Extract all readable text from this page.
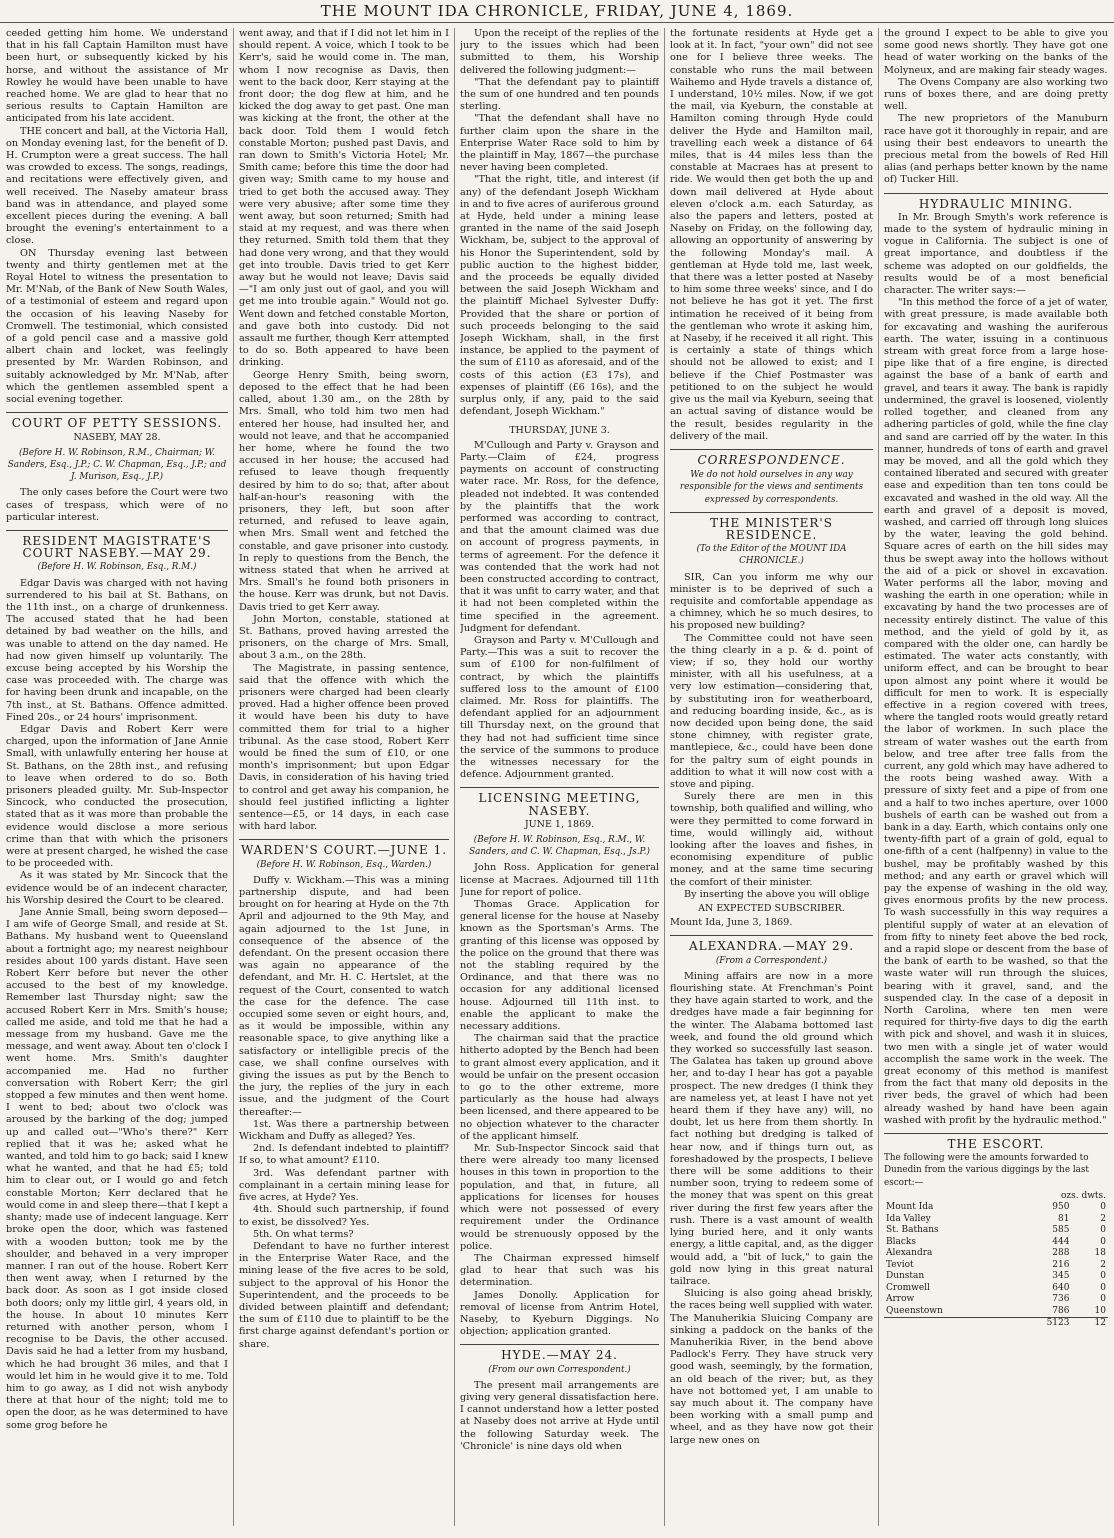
THE MOUNT IDA CHRONICLE, FRIDAY, JUNE 4, 1869.

ceeded getting him home. We understand that in his fall Captain Hamilton must have been hurt, or subsequently kicked by his horse, and without the assistance of Mr Rowley he would have been unable to have reached home. We are glad to hear that no serious results to Captain Hamilton are anticipated from his late accident.

THE concert and ball, at the Victoria Hall, on Monday evening last, for the benefit of D. H. Crumpton were a great success. The hall was crowded to excess. The songs, readings, and recitations were effectively given, and well received. The Naseby amateur brass band was in attendance, and played some excellent pieces during the evening. A ball brought the evening's entertainment to a close.

ON Thursday evening last between twenty and thirty gentlemen met at the Royal Hotel to witness the presentation to Mr. M'Nab, of the Bank of New South Wales, of a testimonial of esteem and regard upon the occasion of his leaving Naseby for Cromwell. The testimonial, which consisted of a gold pencil case and a massive gold albert chain and locket, was feelingly presented by Mr. Warden Robinson, and suitably acknowledged by Mr. M'Nab, after which the gentlemen assembled spent a social evening together.

COURT OF PETTY SESSIONS.
NASEBY, MAY 28.
(Before H. W. Robinson, R.M., Chairman; W. Sanders, Esq., J.P.; C. W. Chapman, Esq., J.P.; and J. Murison, Esq., J.P.)

The only cases before the Court were two cases of trespass, which were of no particular interest.

RESIDENT MAGISTRATE'S COURT NASEBY.—MAY 29.
(Before H. W. Robinson, Esq., R.M.)

Edgar Davis was charged with not having surrendered to his bail at St. Bathans, on the 11th inst., on a charge of drunkenness. The accused stated that he had been detained by bad weather on the hills, and was unable to attend on the day named. He had now given himself up voluntarily. The excuse being accepted by his Worship the case was proceeded with. The charge was for having been drunk and incapable, on the 7th inst., at St. Bathans. Offence admitted. Fined 20s., or 24 hours' imprisonment.

Edgar Davis and Robert Kerr were charged, upon the information of Jane Annie Small, with unlawfully entering her house at St. Bathans, on the 28th inst., and refusing to leave when ordered to do so. Both prisoners pleaded guilty. Mr. Sub-Inspector Sincock, who conducted the prosecution, stated that as it was more than probable the evidence would disclose a more serious crime than that with which the prisoners were at present charged, he wished the case to be proceeded with.

As it was stated by Mr. Sincock that the evidence would be of an indecent character, his Worship desired the Court to be cleared.

Jane Annie Small, being sworn deposed—I am wife of George Small, and reside at St. Bathans. My husband went to Queensland about a fortnight ago; my nearest neighbour resides about 100 yards distant. Have seen Robert Kerr before but never the other accused to the best of my knowledge. Remember last Thursday night; saw the accused Robert Kerr in Mrs. Smith's house; called me aside, and told me that he had a message from my husband. Gave me the message, and went away. About ten o'clock I went home. Mrs. Smith's daughter accompanied me. Had no further conversation with Robert Kerr; the girl stopped a few minutes and then went home. I went to bed; about two o'clock was aroused by the barking of the dog; jumped up and called out—"Who's there?" Kerr replied that it was he; asked what he wanted, and told him to go back; said I knew what he wanted, and that he had £5; told him to clear out, or I would go and fetch constable Morton; Kerr declared that he would come in and sleep there—that I kept a shanty; made use of indecent language. Kerr broke open the door, which was fastened with a wooden button; took me by the shoulder, and behaved in a very improper manner. I ran out of the house. Robert Kerr then went away, when I returned by the back door. As soon as I got inside closed both doors; only my little girl, 4 years old, in the house. In about 10 minutes Kerr returned with another person, whom I recognise to be Davis, the other accused. Davis said he had a letter from my husband, which he had brought 36 miles, and that I would let him in he would give it to me. Told him to go away, as I did not wish anybody there at that hour of the night; told me to open the door, as he was determined to have some grog before he

went away, and that if I did not let him in I should repent. A voice, which I took to be Kerr's, said he would come in. The man, whom I now recognise as Davis, then went to the back door, Kerr staying at the front door; the dog flew at him, and he kicked the dog away to get past. One man was kicking at the front, the other at the back door. Told them I would fetch constable Morton; pushed past Davis, and ran down to Smith's Victoria Hotel; Mr. Smith came; before this time the door had given way; Smith came to my house and tried to get both the accused away. They were very abusive; after some time they went away, but soon returned; Smith had staid at my request, and was there when they returned. Smith told them that they had done very wrong, and that they would get into trouble. Davis tried to get Kerr away but he would not leave; Davis said—"I am only just out of gaol, and you will get me into trouble again." Would not go. Went down and fetched constable Morton, and gave both into custody. Did not assault me further, though Kerr attempted to do so. Both appeared to have been drinking.

George Henry Smith, being sworn, deposed to the effect that he had been called, about 1.30 am., on the 28th by Mrs. Small, who told him two men had entered her house, had insulted her, and would not leave, and that he accompanied her home, where he found the two accused in her house; the accused had refused to leave though frequently desired by him to do so; that, after about half-an-hour's reasoning with the prisoners, they left, but soon after returned, and refused to leave again, when Mrs. Small went and fetched the constable, and gave prisoner into custody. In reply to questions from the Bench, the witness stated that when he arrived at Mrs. Small's he found both prisoners in the house. Kerr was drunk, but not Davis. Davis tried to get Kerr away.

John Morton, constable, stationed at St. Bathans, proved having arrested the prisoners, on the charge of Mrs. Small, about 3 a.m., on the 28th.

The Magistrate, in passing sentence, said that the offence with which the prisoners were charged had been clearly proved. Had a higher offence been proved it would have been his duty to have committed them for trial to a higher tribunal. As the case stood, Robert Kerr would be fined the sum of £10, or one month's imprisonment; but upon Edgar Davis, in consideration of his having tried to control and get away his companion, he should feel justified inflicting a lighter sentence—£5, or 14 days, in each case with hard labor.

WARDEN'S COURT.—JUNE 1.
(Before H. W. Robinson, Esq., Warden.)

Duffy v. Wickham.—This was a mining partnership dispute, and had been brought on for hearing at Hyde on the 7th April and adjourned to the 9th May, and again adjourned to the 1st June, in consequence of the absence of the defendant. On the present occasion there was again no appearance of the defendant, and Mr. H. C. Hertslet, at the request of the Court, consented to watch the case for the defence. The case occupied some seven or eight hours, and, as it would be impossible, within any reasonable space, to give anything like a satisfactory or intelligible precis of the case, we shall confine ourselves with giving the issues as put by the Bench to the jury, the replies of the jury in each issue, and the judgment of the Court thereafter:—

1st. Was there a partnership between Wickham and Duffy as alleged? Yes.

2nd. Is defendant indebted to plaintiff? If so, to what amount? £110.

3rd. Was defendant partner with complainant in a certain mining lease for five acres, at Hyde? Yes.

4th. Should such partnership, if found to exist, be dissolved? Yes.

5th. On what terms?

Defendant to have no further interest in the Enterprise Water Race, and the mining lease of the five acres to be sold, subject to the approval of his Honor the Superintendent, and the proceeds to be divided between plaintiff and defendant; the sum of £110 due to plaintiff to be the first charge against defendant's portion or share.

Upon the receipt of the replies of the jury to the issues which had been submitted to them, his Worship delivered the following judgment:—

"That the defendant pay to plaintiff the sum of one hundred and ten pounds sterling.

"That the defendant shall have no further claim upon the share in the Enterprise Water Race sold to him by the plaintiff in May, 1867—the purchase never having been completed.

"That the right, title, and interest (if any) of the defendant Joseph Wickham in and to five acres of auriferous ground at Hyde, held under a mining lease granted in the name of the said Joseph Wickham, be, subject to the approval of his Honor the Superintendent, sold by public auction to the highest bidder, and the proceeds be equally divided between the said Joseph Wickham and the plaintiff Michael Sylvester Duffy: Provided that the share or portion of such proceeds belonging to the said Joseph Wickham, shall, in the first instance, be applied to the payment of the sum of £110 as aforesaid, and of the costs of this action (£3 17s), and expenses of plaintiff (£6 16s), and the surplus only, if any, paid to the said defendant, Joseph Wickham."

THURSDAY, JUNE 3.

M'Cullough and Party v. Grayson and Party.—Claim of £24, progress payments on account of constructing water race. Mr. Ross, for the defence, pleaded not indebted. It was contended by the plaintiffs that the work performed was according to contract, and that the amount claimed was due on account of progress payments, in terms of agreement. For the defence it was contended that the work had not been constructed according to contract, that it was unfit to carry water, and that it had not been completed within the time specified in the agreement. Judgment for defendant.

Grayson and Party v. M'Cullough and Party.—This was a suit to recover the sum of £100 for non-fulfilment of contract, by which the plaintiffs suffered loss to the amount of £100 claimed. Mr. Ross for plaintiffs. The defendant applied for an adjournment till Thursday next, on the ground that they had not had sufficient time since the service of the summons to produce the witnesses necessary for the defence. Adjournment granted.

LICENSING MEETING, NASEBY.
JUNE 1, 1869.
(Before H. W. Robinson, Esq., R.M., W. Sanders, and C. W. Chapman, Esq., Js.P.)

John Ross. Application for general license at Macraes. Adjourned till 11th June for report of police.

Thomas Grace. Application for general license for the house at Naseby known as the Sportsman's Arms. The granting of this license was opposed by the police on the ground that there was not the stabling required by the Ordinance, and that there was no occasion for any additional licensed house. Adjourned till 11th inst. to enable the applicant to make the necessary additions.

The chairman said that the practice hitherto adopted by the Bench had been to grant almost every application, and it would be unfair on the present occasion to go to the other extreme, more particularly as the house had always been licensed, and there appeared to be no objection whatever to the character of the applicant himself.

Mr. Sub-Inspector Sincock said that there were already too many licensed houses in this town in proportion to the population, and that, in future, all applications for licenses for houses which were not possessed of every requirement under the Ordinance would be strenuously opposed by the police.

The Chairman expressed himself glad to hear that such was his determination.

James Donolly. Application for removal of license from Antrim Hotel, Naseby, to Kyeburn Diggings. No objection; application granted.

HYDE.—MAY 24.
(From our own Correspondent.)

The present mail arrangements are giving very general dissatisfaction here. I cannot understand how a letter posted at Naseby does not arrive at Hyde until the following Saturday week. The 'Chronicle' is nine days old when

the fortunate residents at Hyde get a look at it. In fact, "your own" did not see one for I believe three weeks. The constable who runs the mail between Waihemo and Hyde travels a distance of, I understand, 10½ miles. Now, if we got the mail, via Kyeburn, the constable at Hamilton coming through Hyde could deliver the Hyde and Hamilton mail, travelling each week a distance of 64 miles, that is 44 miles less than the constable at Macraes has at present to ride. We would then get both the up and down mail delivered at Hyde about eleven o'clock a.m. each Saturday, as also the papers and letters, posted at Naseby on Friday, on the following day, allowing an opportunity of answering by the following Monday's mail. A gentleman at Hyde told me, last week, that there was a letter posted at Naseby to him some three weeks' since, and I do not believe he has got it yet. The first intimation he received of it being from the gentleman who wrote it asking him, at Naseby, if he received it all right. This is certainly a state of things which should not be allowed to exist; and I believe if the Chief Postmaster was petitioned to on the subject he would give us the mail via Kyeburn, seeing that an actual saving of distance would be the result, besides regularity in the delivery of the mail.

CORRESPONDENCE.
We do not hold ourselves in any way responsible for the views and sentiments expressed by correspondents.
THE MINISTER'S RESIDENCE.
(To the Editor of the MOUNT IDA CHRONICLE.)

SIR, Can you inform me why our minister is to be deprived of such a requisite and comfortable appendage as a chimney, which he so much desires, to his proposed new building?

The Committee could not have seen the thing clearly in a p. & d. point of view; if so, they hold our worthy minister, with all his usefulness, at a very low estimation—considering that, by substituting iron for weatherboard, and reducing boarding inside, &c., as is now decided upon being done, the said stone chimney, with register grate, mantlepiece, &c., could have been done for the paltry sum of eight pounds in addition to what it will now cost with a stove and piping.

Surely there are men in this township, both qualified and willing, who were they permitted to come forward in time, would willingly aid, without looking after the loaves and fishes, in economising expenditure of public money, and at the same time securing the comfort of their minister.

By inserting the above you will oblige

AN EXPECTED SUBSCRIBER.

Mount Ida, June 3, 1869.

ALEXANDRA.—MAY 29.
(From a Correspondent.)

Mining affairs are now in a more flourishing state. At Frenchman's Point they have again started to work, and the dredges have made a fair beginning for the winter. The Alabama bottomed last week, and found the old ground which they worked so successfully last season. The Galatea has taken up ground above her, and to-day I hear has got a payable prospect. The new dredges (I think they are nameless yet, at least I have not yet heard them if they have any) will, no doubt, let us here from them shortly. In fact nothing but dredging is talked of hear now, and if things turn out, as foreshadowed by the prospects, I believe there will be some additions to their number soon, trying to redeem some of the money that was spent on this great river during the first few years after the rush. There is a vast amount of wealth lying buried here, and it only wants energy, a little capital, and, as the digger would add, a "bit of luck," to gain the gold now lying in this great natural tailrace.

Sluicing is also going ahead briskly, the races being well supplied with water. The Manuherikia Sluicing Company are sinking a paddock on the banks of the Manuherikia River, in the bend above Padlock's Ferry. They have struck very good wash, seemingly, by the formation, an old beach of the river; but, as they have not bottomed yet, I am unable to say much about it. The company have been working with a small pump and wheel, and as they have now got their large new ones on

the ground I expect to be able to give you some good news shortly. They have got one head of water working on the banks of the Molyneux, and are making fair steady wages.

The Ovens Company are also working two runs of boxes there, and are doing pretty well.

The new proprietors of the Manuburn race have got it thoroughly in repair, and are using their best endeavors to unearth the precious metal from the bowels of Red Hill alias (and perhaps better known by the name of) Tucker Hill.

HYDRAULIC MINING.

In Mr. Brough Smyth's work reference is made to the system of hydraulic mining in vogue in California. The subject is one of great importance, and doubtless if the scheme was adopted on our goldfields, the results would be of a most beneficial character. The writer says:—

"In this method the force of a jet of water, with great pressure, is made available both for excavating and washing the auriferous earth. The water, issuing in a continuous stream with great force from a large hose-pipe like that of a fire engine, is directed against the base of a bank of earth and gravel, and tears it away. The bank is rapidly undermined, the gravel is loosened, violently rolled together, and cleaned from any adhering particles of gold, while the fine clay and sand are carried off by the water. In this manner, hundreds of tons of earth and gravel may be moved, and all the gold which they contained liberated and secured with greater ease and expedition than ten tons could be excavated and washed in the old way. All the earth and gravel of a deposit is moved, washed, and carried off through long sluices by the water, leaving the gold behind. Square acres of earth on the hill sides may thus be swept away into the hollows without the aid of a pick or shovel in excavation. Water performs all the labor, moving and washing the earth in one operation; while in excavating by hand the two processes are of necessity entirely distinct. The value of this method, and the yield of gold by it, as compared with the older one, can hardly be estimated. The water acts constantly, with uniform effect, and can be brought to bear upon almost any point where it would be difficult for men to work. It is especially effective in a region covered with trees, where the tangled roots would greatly retard the labor of workmen. In such place the stream of water washes out the earth from below, and tree after tree falls from the current, any gold which may have adhered to the roots being washed away. With a pressure of sixty feet and a pipe of from one and a half to two inches aperture, over 1000 bushels of earth can be washed out from a bank in a day. Earth, which contains only one twenty-fifth part of a grain of gold, equal to one-fifth of a cent (halfpenny) in value to the bushel, may be profitably washed by this method; and any earth or gravel which will pay the expense of washing in the old way, gives enormous profits by the new process. To wash successfully in this way requires a plentiful supply of water at an elevation of from fifty to ninety feet above the bed rock, and a rapid slope or descent from the base of the bank of earth to be washed, so that the waste water will run through the sluices, bearing with it gravel, sand, and the suspended clay. In the case of a deposit in North Carolina, where ten men were required for thirty-five days to dig the earth with pick and shovel, and wash it in sluices, two men with a single jet of water would accomplish the same work in the week. The great economy of this method is manifest from the fact that many old deposits in the river beds, the gravel of which had been already washed by hand have been again washed with profit by the hydraulic method."

THE ESCORT.
The following were the amounts forwarded to Dunedin from the various diggings by the last escort:—
	ozs. dwts.	
Mount Ida	950	0
Ida Valley	81	2
St. Bathans	585	0
Blacks	444	0
Alexandra	288	18
Teviot	216	2
Dunstan	345	0
Cromwell	640	0
Arrow	736	0
Queenstown	786	10
	5123	12
